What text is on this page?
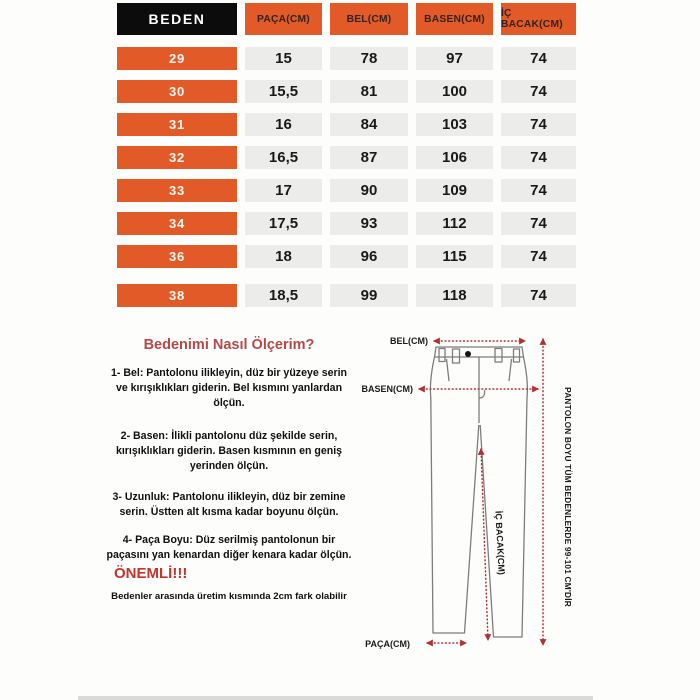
BEDEN	PAÇA(CM)	BEL(CM)	BASEN(CM)	İÇ BACAK(CM)
29	15	78	97	74
30	15,5	81	100	74
31	16	84	103	74
32	16,5	87	106	74
33	17	90	109	74
34	17,5	93	112	74
36	18	96	115	74
38	18,5	99	118	74

Bedenimi Nasıl Ölçerim?

1- Bel: Pantolonu ilikleyin, düz bir yüzeye serin ve kırışıklıkları giderin. Bel kısmını yanlardan ölçün.

2- Basen: İlikli pantolonu düz şekilde serin, kırışıklıkları giderin. Basen kısmının en geniş yerinden ölçün.

3- Uzunluk: Pantolonu ilikleyin, düz bir zemine serin. Üstten alt kısma kadar boyunu ölçün.

4- Paça Boyu: Düz serilmiş pantolonun bir paçasını yan kenardan diğer kenara kadar ölçün.

ÖNEMLİ!!!

Bedenler arasında üretim kısmında 2cm fark olabilir

BEL(CM)
BASEN(CM)	PANTOLON BOYU TÜM BEDENLERDE 99-101 CM'DİR
İÇ BACAK(CM)
PAÇA(CM)
